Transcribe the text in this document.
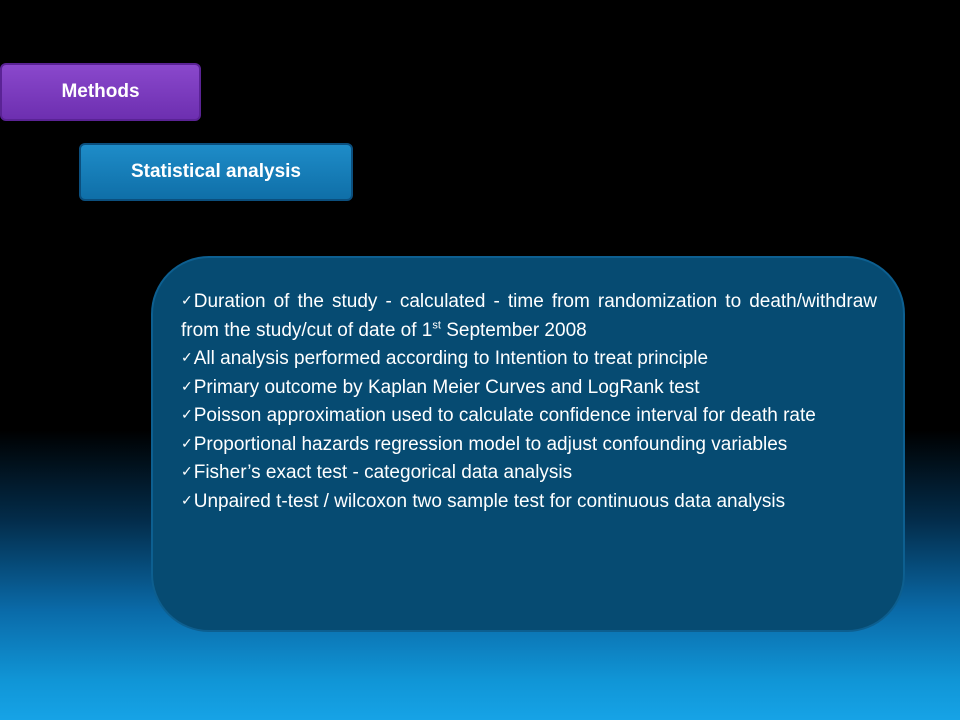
Methods
Statistical analysis
✓Duration of the study - calculated - time from randomization to death/withdraw from the study/cut of date of 1st September 2008
✓All analysis performed according to Intention to treat principle
✓Primary outcome by Kaplan Meier Curves and LogRank test
✓Poisson approximation used to calculate confidence interval for death rate
✓Proportional hazards regression model to adjust confounding variables
✓Fisher’s exact test - categorical data analysis
✓Unpaired t-test / wilcoxon two sample test for continuous data analysis
